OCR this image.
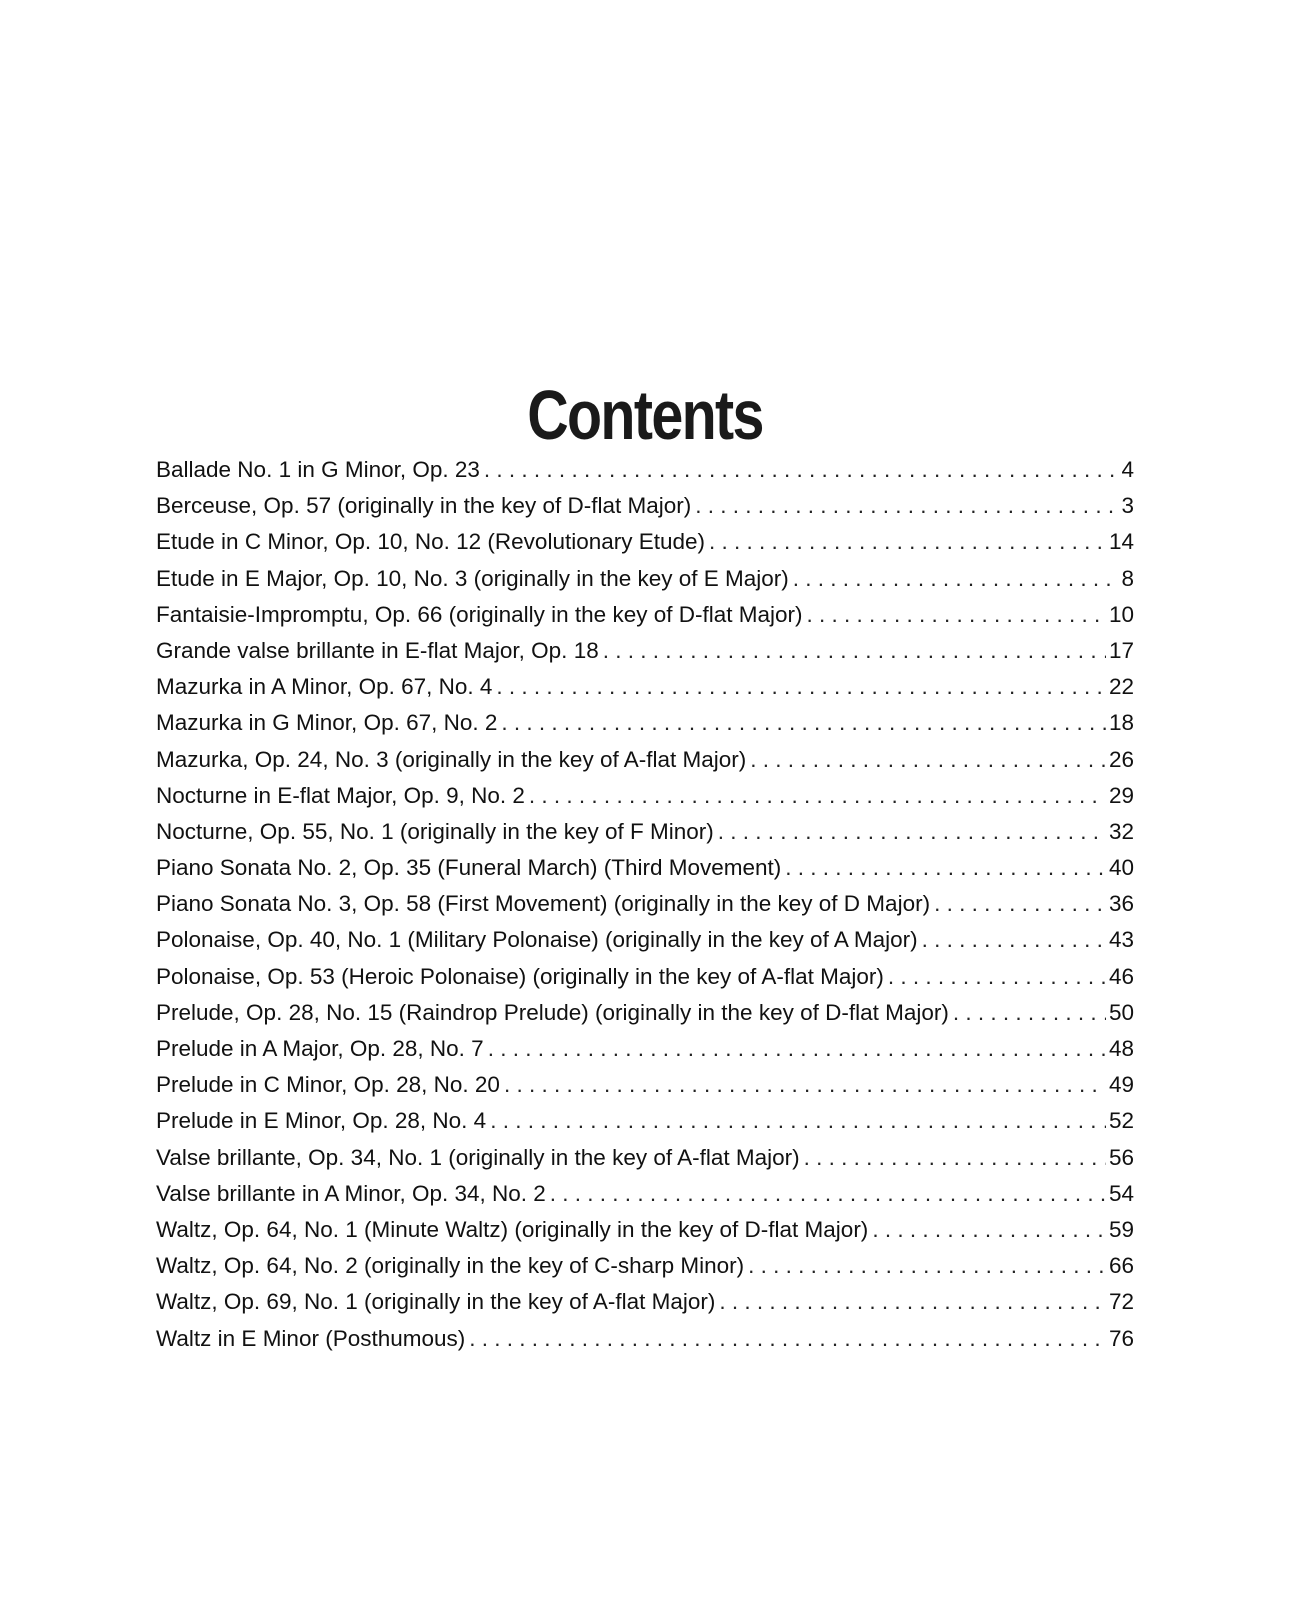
Contents
Ballade No. 1 in G Minor, Op. 23 . . .	4
Berceuse, Op. 57 (originally in the key of D-flat Major) . . .	3
Etude in C Minor, Op. 10, No. 12 (Revolutionary Etude) . . .	14
Etude in E Major, Op. 10, No. 3 (originally in the key of E Major) . . .	8
Fantaisie-Impromptu, Op. 66 (originally in the key of D-flat Major) . . .	10
Grande valse brillante in E-flat Major, Op. 18 . . .	17
Mazurka in A Minor, Op. 67, No. 4 . . .	22
Mazurka in G Minor, Op. 67, No. 2 . . .	18
Mazurka, Op. 24, No. 3 (originally in the key of A-flat Major) . . .	26
Nocturne in E-flat Major, Op. 9, No. 2 . . .	29
Nocturne, Op. 55, No. 1 (originally in the key of F Minor) . . .	32
Piano Sonata No. 2, Op. 35 (Funeral March) (Third Movement) . . .	40
Piano Sonata No. 3, Op. 58 (First Movement) (originally in the key of D Major) . . .	36
Polonaise, Op. 40, No. 1 (Military Polonaise) (originally in the key of A Major) . . .	43
Polonaise, Op. 53 (Heroic Polonaise) (originally in the key of A-flat Major) . . .	46
Prelude, Op. 28, No. 15 (Raindrop Prelude) (originally in the key of D-flat Major) . . .	50
Prelude in A Major, Op. 28, No. 7 . . .	48
Prelude in C Minor, Op. 28, No. 20 . . .	49
Prelude in E Minor, Op. 28, No. 4 . . .	52
Valse brillante, Op. 34, No. 1 (originally in the key of A-flat Major) . . .	56
Valse brillante in A Minor, Op. 34, No. 2 . . .	54
Waltz, Op. 64, No. 1 (Minute Waltz) (originally in the key of D-flat Major) . . .	59
Waltz, Op. 64, No. 2 (originally in the key of C-sharp Minor) . . .	66
Waltz, Op. 69, No. 1 (originally in the key of A-flat Major) . . .	72
Waltz in E Minor (Posthumous) . . .	76
